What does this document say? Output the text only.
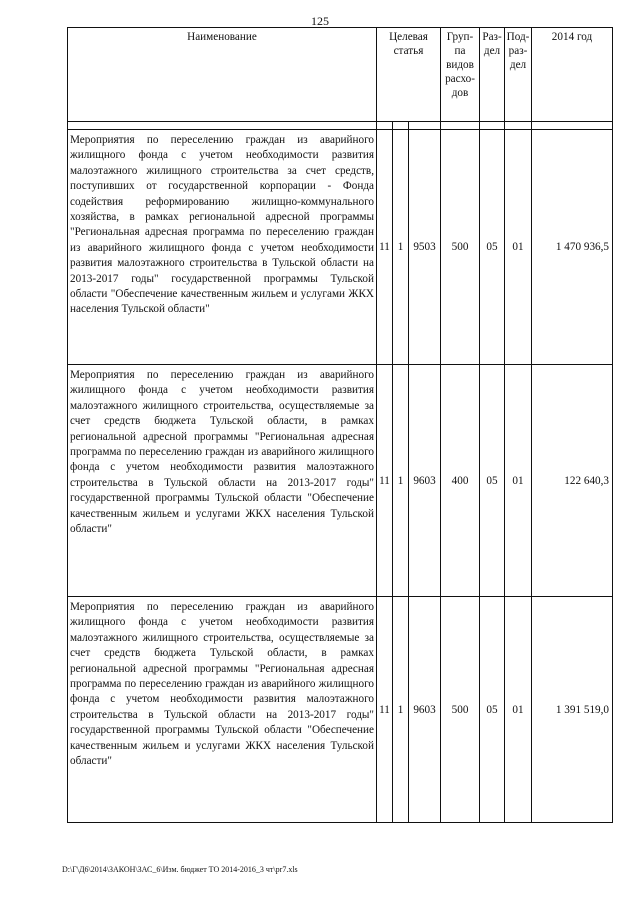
125
Наименование	Целевая статья			Груп-па видов расхо-дов	Раз-дел	Под-раз-дел	2014 год

Мероприятия по переселению граждан из аварийного жилищного фонда с учетом необходимости развития малоэтажного жилищного строительства за счет средств, поступивших от государственной корпорации - Фонда содействия реформированию жилищно-коммунального хозяйства, в рамках региональной адресной программы "Региональная адресная программа по переселению граждан из аварийного жилищного фонда с учетом необходимости развития малоэтажного строительства в Тульской области на 2013-2017 годы" государственной программы Тульской области "Обеспечение качественным жильем и услугами ЖКХ населения Тульской области"	11	1	9503	500	05	01	1 470 936,5
Мероприятия по переселению граждан из аварийного жилищного фонда с учетом необходимости развития малоэтажного жилищного строительства, осуществляемые за счет средств бюджета Тульской области, в рамках региональной адресной программы "Региональная адресная программа по переселению граждан из аварийного жилищного фонда с учетом необходимости развития малоэтажного строительства в Тульской области на 2013-2017 годы" государственной программы Тульской области "Обеспечение качественным жильем и услугами ЖКХ населения Тульской области"	11	1	9603	400	05	01	122 640,3
Мероприятия по переселению граждан из аварийного жилищного фонда с учетом необходимости развития малоэтажного жилищного строительства, осуществляемые за счет средств бюджета Тульской области, в рамках региональной адресной программы "Региональная адресная программа по переселению граждан из аварийного жилищного фонда с учетом необходимости развития малоэтажного строительства в Тульской области на 2013-2017 годы" государственной программы Тульской области "Обеспечение качественным жильем и услугами ЖКХ населения Тульской области"	11	1	9603	500	05	01	1 391 519,0
D:\Г\Д6\2014\ЗАКОН\ЗАС_6\Изм. бюджет ТО 2014-2016_3 чт\pr7.xls
